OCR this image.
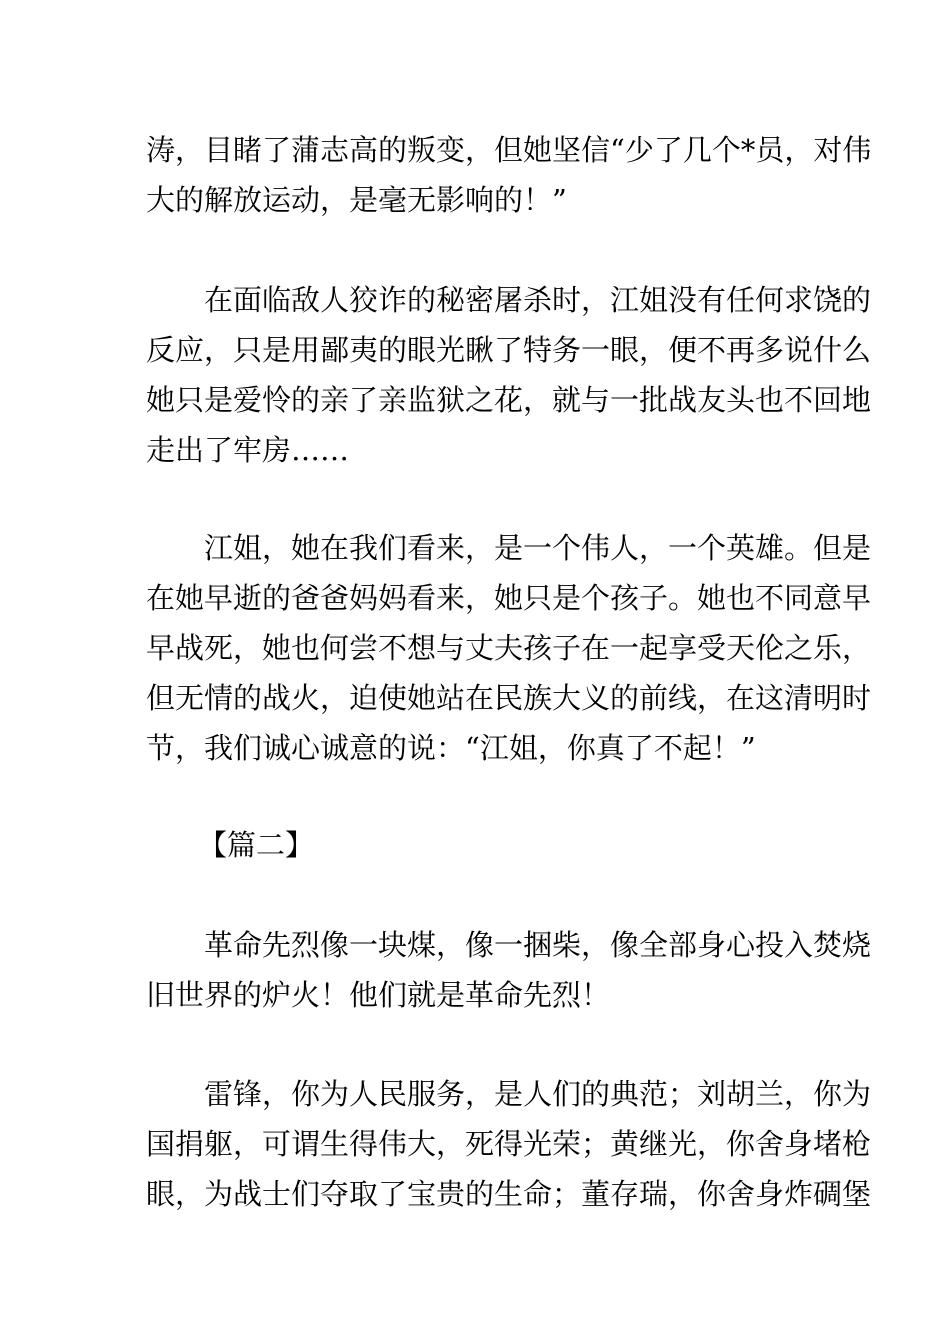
涛，目睹了蒲志高的叛变，但她坚信“少了几个*员，对伟
大的解放运动，是毫无影响的！”

在面临敌人狡诈的秘密屠杀时，江姐没有任何求饶的
反应，只是用鄙夷的眼光瞅了特务一眼，便不再多说什么
她只是爱怜的亲了亲监狱之花，就与一批战友头也不回地
走出了牢房……

江姐，她在我们看来，是一个伟人，一个英雄。但是
在她早逝的爸爸妈妈看来，她只是个孩子。她也不同意早
早战死，她也何尝不想与丈夫孩子在一起享受天伦之乐，
但无情的战火，迫使她站在民族大义的前线，在这清明时
节，我们诚心诚意的说：“江姐，你真了不起！”

【篇二】

革命先烈像一块煤，像一捆柴，像全部身心投入焚烧
旧世界的炉火！他们就是革命先烈！

雷锋，你为人民服务，是人们的典范；刘胡兰，你为
国捐躯，可谓生得伟大，死得光荣；黄继光，你舍身堵枪
眼，为战士们夺取了宝贵的生命；董存瑞，你舍身炸碉堡
